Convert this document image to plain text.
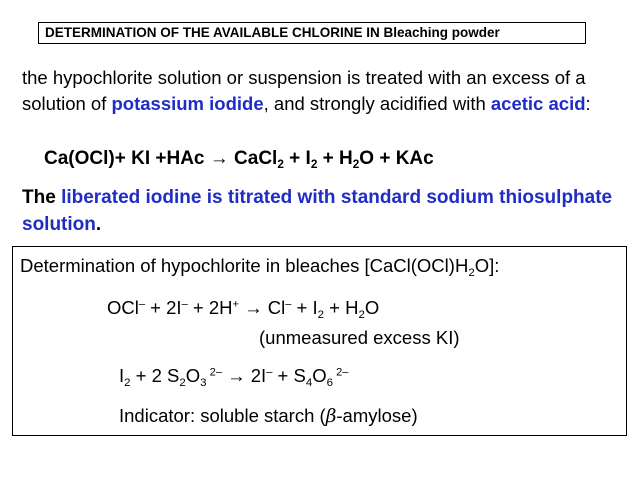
DETERMINATION OF THE AVAILABLE CHLORINE IN Bleaching powder
the hypochlorite solution or suspension is treated with an excess of a solution of potassium iodide, and strongly acidified with acetic acid:
Ca(OCl)+ KI +HAc → CaCl$_2$ + $I_2 + H_2O$ + KAc
The liberated iodine is titrated with standard sodium thiosulphate solution.
Determination of hypochlorite in bleaches $[CaCl(OCl)H_2O]$:
$OCl^- + 2I^- + 2H^+ \to Cl^- + I_2 + H_2O$
(unmeasured excess KI)
$I_2 + 2$ $S_2O_3$ $^{2-} \to 2I^- + S_4O_6$ $^{2-}$
Indicator: soluble starch (β-amylose)
